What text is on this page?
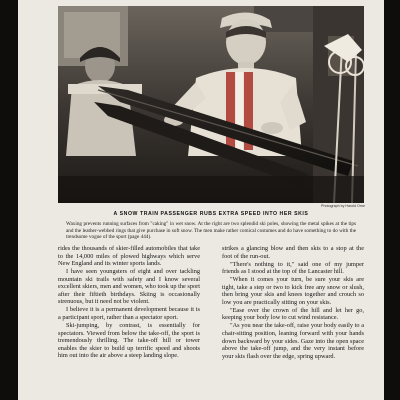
Photograph by Harold Orne
A SNOW TRAIN PASSENGER RUBS EXTRA SPEED INTO HER SKIS
Waxing prevents running surfaces from "caking" in wet snow. At the right are two splendid ski poles, showing the metal spikes at the tips and the leather-webbed rings that give purchase in soft snow. The men make rather comical costumes and do have something to do with the trendsome vogue of the sport (page 444).

rides the thousands of skier-filled automobiles that take to the 14,000 miles of plowed highways which serve New England and its winter sports lands.

I have seen youngsters of eight and over tackling mountain ski trails with safety and I know several excellent skiers, men and women, who took up the sport after their fiftieth birthdays. Skiing is occasionally strenuous, but it need not be violent.

I believe it is a permanent development because it is a participant sport, rather than a spectator sport.

Ski-jumping, by contrast, is essentially for spectators. Viewed from below the take-off, the sport is tremendously thrilling. The take-off hill or tower enables the skier to build up terrific speed and shoots him out into the air above a steep landing slope.

strikes a glancing blow and then skis to a stop at the foot of the run-out.

"There's nothing to it," said one of my jumper friends as I stood at the top of the Lancaster hill.

"When it comes your turn, be sure your skis are tight, take a step or two to kick free any snow or slush, then bring your skis and knees together and crouch so low you are practically sitting on your skis.

"Ease over the crown of the hill and let her go, keeping your body low to cut wind resistance.

"As you near the take-off, raise your body easily to a chair-sitting position, leaning forward with your hands down backward by your sides. Gaze into the open space above the take-off jump, and the very instant before your skis flash over the edge, spring upward.
